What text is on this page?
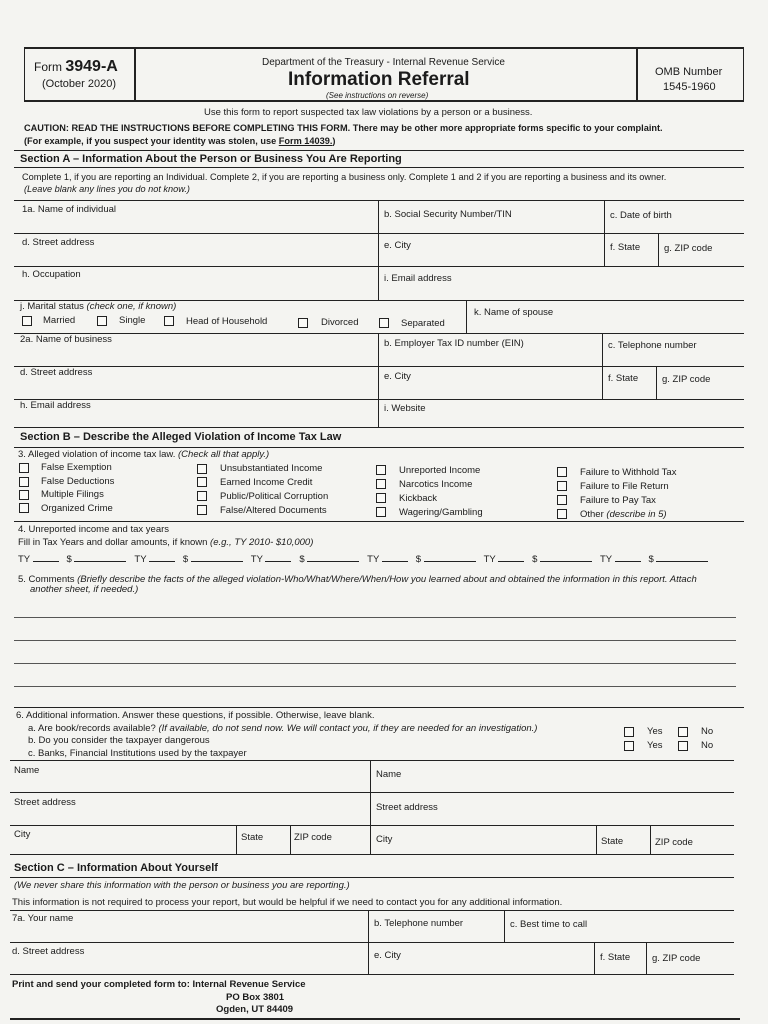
Form 3949-A
(October 2020)
Department of the Treasury - Internal Revenue Service
Information Referral
(See instructions on reverse)
OMB Number
1545-1960
Use this form to report suspected tax law violations by a person or a business.
CAUTION: READ THE INSTRUCTIONS BEFORE COMPLETING THIS FORM. There may be other more appropriate forms specific to your complaint.
(For example, if you suspect your identity was stolen, use Form 14039.)
Section A – Information About the Person or Business You Are Reporting
Complete 1, if you are reporting an Individual. Complete 2, if you are reporting a business only. Complete 1 and 2 if you are reporting a business and its owner.
(Leave blank any lines you do not know.)
1a. Name of individual	b. Social Security Number/TIN	c. Date of birth
d. Street address	e. City	f. State	g. ZIP code
h. Occupation	i. Email address
j. Marital status (check one, if known)
k. Name of spouse
Married	Single	Head of Household	Divorced	Separated
2a. Name of business	b. Employer Tax ID number (EIN)	c. Telephone number
d. Street address	e. City	f. State	g. ZIP code
h. Email address	i. Website
Section B – Describe the Alleged Violation of Income Tax Law
3. Alleged violation of income tax law. (Check all that apply.)
False Exemption
False Deductions
Multiple Filings
Organized Crime
Unsubstantiated Income
Earned Income Credit
Public/Political Corruption
False/Altered Documents
Unreported Income
Narcotics Income
Kickback
Wagering/Gambling
Failure to Withhold Tax
Failure to File Return
Failure to Pay Tax
Other (describe in 5)
4. Unreported income and tax years
Fill in Tax Years and dollar amounts, if known (e.g., TY 2010- $10,000)
TY	$	TY	$	TY	$	TY	$	TY	$	TY	$
5. Comments (Briefly describe the facts of the alleged violation-Who/What/Where/When/How you learned about and obtained the information in this report. Attach
another sheet, if needed.)
6. Additional information. Answer these questions, if possible. Otherwise, leave blank.
a. Are book/records available? (If available, do not send now. We will contact you, if they are needed for an investigation.)
b. Do you consider the taxpayer dangerous
c. Banks, Financial Institutions used by the taxpayer
Yes	No
Yes	No
Name	Name
Street address	Street address
City	State	ZIP code	City	State	ZIP code
Section C – Information About Yourself
(We never share this information with the person or business you are reporting.)
This information is not required to process your report, but would be helpful if we need to contact you for any additional information.
7a. Your name	b. Telephone number	c. Best time to call
d. Street address	e. City	f. State g. ZIP code
Print and send your completed form to: Internal Revenue Service
PO Box 3801
Ogden, UT 84409
